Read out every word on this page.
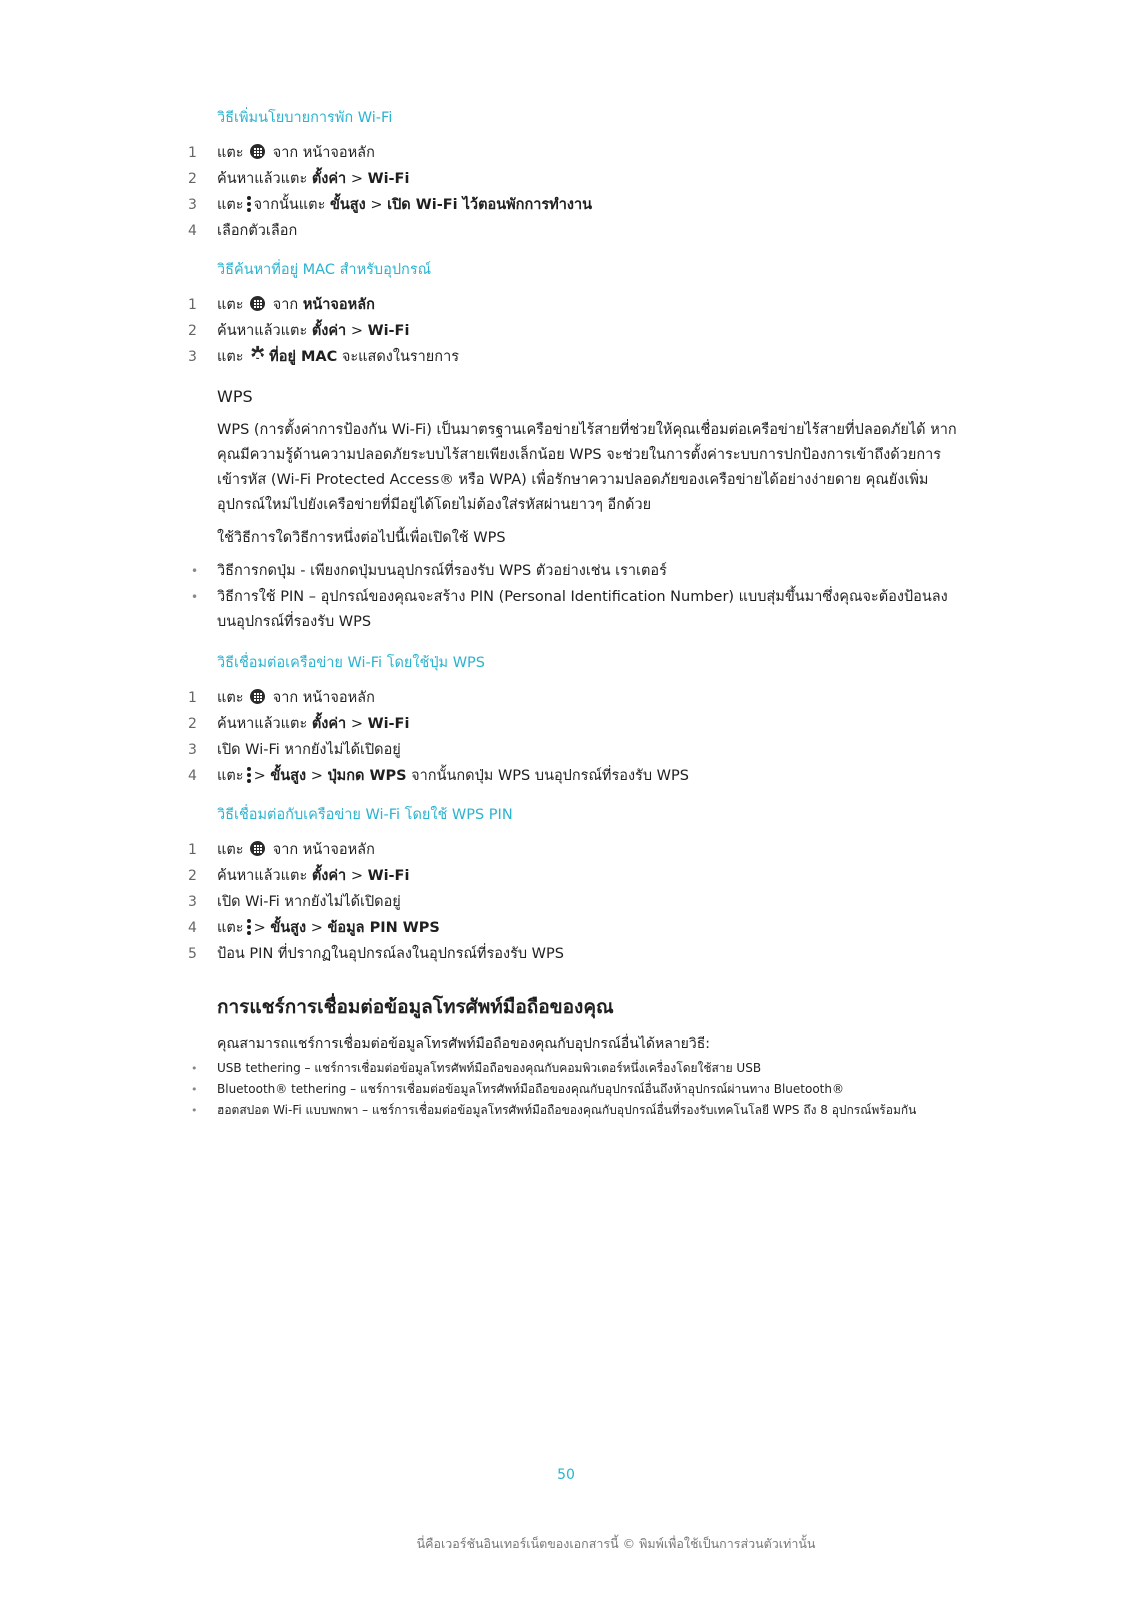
วิธีเพิ่มนโยบายการพัก Wi-Fi
1	แตะ จาก หน้าจอหลัก
2	ค้นหาแล้วแตะ ตั้งค่า > Wi-Fi
3	แตะ จากนั้นแตะ ขั้นสูง > เปิด Wi-Fi ไว้ตอนพักการทำงาน
4	เลือกตัวเลือก
วิธีค้นหาที่อยู่ MAC สำหรับอุปกรณ์
1	แตะ จาก หน้าจอหลัก
2	ค้นหาแล้วแตะ ตั้งค่า > Wi-Fi
3	แตะ ✱ ที่อยู่ MAC จะแสดงในรายการ
WPS

WPS (การตั้งค่าการป้องกัน Wi-Fi) เป็นมาตรฐานเครือข่ายไร้สายที่ช่วยให้คุณเชื่อมต่อเครือข่ายไร้สายที่ปลอดภัยได้ หากคุณมีความรู้ด้านความปลอดภัยระบบไร้สายเพียงเล็กน้อย WPS จะช่วยในการตั้งค่าระบบการปกป้องการเข้าถึงด้วยการเข้ารหัส (Wi-Fi Protected Access® หรือ WPA) เพื่อรักษาความปลอดภัยของเครือข่ายได้อย่างง่ายดาย คุณยังเพิ่มอุปกรณ์ใหม่ไปยังเครือข่ายที่มีอยู่ได้โดยไม่ต้องใส่รหัสผ่านยาวๆ อีกด้วย

ใช้วิธีการใดวิธีการหนึ่งต่อไปนี้เพื่อเปิดใช้ WPS

• วิธีการกดปุ่ม - เพียงกดปุ่มบนอุปกรณ์ที่รองรับ WPS ตัวอย่างเช่น เราเตอร์
• วิธีการใช้ PIN – อุปกรณ์ของคุณจะสร้าง PIN (Personal Identification Number) แบบสุ่มขึ้นมาซึ่งคุณจะต้องป้อนลงบนอุปกรณ์ที่รองรับ WPS
วิธีเชื่อมต่อเครือข่าย Wi-Fi โดยใช้ปุ่ม WPS
1	แตะ จาก หน้าจอหลัก
2	ค้นหาแล้วแตะ ตั้งค่า > Wi-Fi
3	เปิด Wi-Fi หากยังไม่ได้เปิดอยู่
4	แตะ > ขั้นสูง > ปุ่มกด WPS จากนั้นกดปุ่ม WPS บนอุปกรณ์ที่รองรับ WPS
วิธีเชื่อมต่อกับเครือข่าย Wi-Fi โดยใช้ WPS PIN
1	แตะ จาก หน้าจอหลัก
2	ค้นหาแล้วแตะ ตั้งค่า > Wi-Fi
3	เปิด Wi-Fi หากยังไม่ได้เปิดอยู่
4	แตะ > ขั้นสูง > ข้อมูล PIN WPS
5	ป้อน PIN ที่ปรากฏในอุปกรณ์ลงในอุปกรณ์ที่รองรับ WPS
การแชร์การเชื่อมต่อข้อมูลโทรศัพท์มือถือของคุณ

คุณสามารถแชร์การเชื่อมต่อข้อมูลโทรศัพท์มือถือของคุณกับอุปกรณ์อื่นได้หลายวิธี:

• USB tethering – แชร์การเชื่อมต่อข้อมูลโทรศัพท์มือถือของคุณกับคอมพิวเตอร์หนึ่งเครื่องโดยใช้สาย USB
• Bluetooth® tethering – แชร์การเชื่อมต่อข้อมูลโทรศัพท์มือถือของคุณกับอุปกรณ์อื่นถึงห้าอุปกรณ์ผ่านทาง Bluetooth®
• ฮอตสปอต Wi-Fi แบบพกพา – แชร์การเชื่อมต่อข้อมูลโทรศัพท์มือถือของคุณกับอุปกรณ์อื่นที่รองรับเทคโนโลยี WPS ถึง 8 อุปกรณ์พร้อมกัน
50
นี่คือเวอร์ชันอินเทอร์เน็ตของเอกสารนี้ © พิมพ์เพื่อใช้เป็นการส่วนตัวเท่านั้น
